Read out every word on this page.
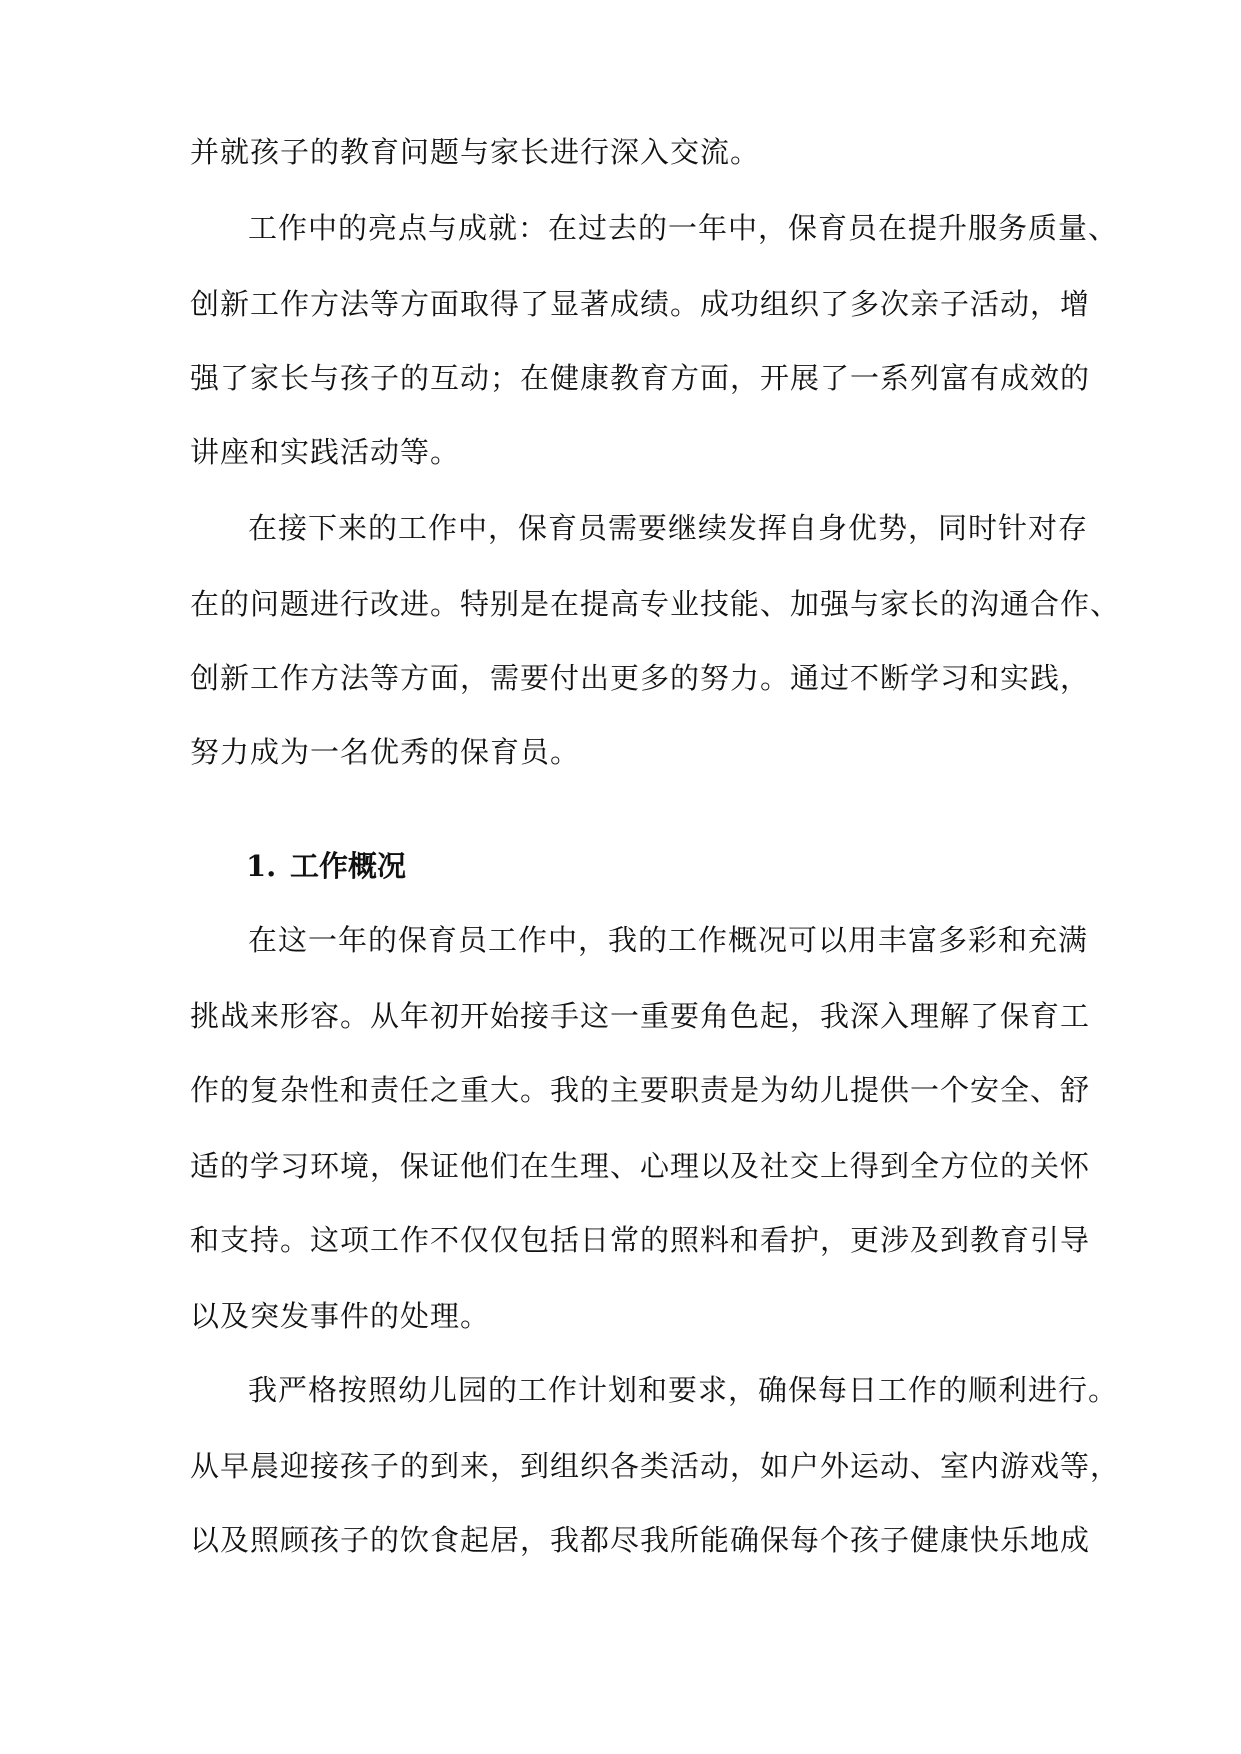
并就孩子的教育问题与家长进行深入交流。

工作中的亮点与成就：在过去的一年中，保育员在提升服务质量、

创新工作方法等方面取得了显著成绩。成功组织了多次亲子活动，增

强了家长与孩子的互动；在健康教育方面，开展了一系列富有成效的

讲座和实践活动等。

在接下来的工作中，保育员需要继续发挥自身优势，同时针对存

在的问题进行改进。特别是在提高专业技能、加强与家长的沟通合作、

创新工作方法等方面，需要付出更多的努力。通过不断学习和实践，

努力成为一名优秀的保育员。

1. 工作概况

在这一年的保育员工作中，我的工作概况可以用丰富多彩和充满

挑战来形容。从年初开始接手这一重要角色起，我深入理解了保育工

作的复杂性和责任之重大。我的主要职责是为幼儿提供一个安全、舒

适的学习环境，保证他们在生理、心理以及社交上得到全方位的关怀

和支持。这项工作不仅仅包括日常的照料和看护，更涉及到教育引导

以及突发事件的处理。

我严格按照幼儿园的工作计划和要求，确保每日工作的顺利进行。

从早晨迎接孩子的到来，到组织各类活动，如户外运动、室内游戏等，

以及照顾孩子的饮食起居，我都尽我所能确保每个孩子健康快乐地成
